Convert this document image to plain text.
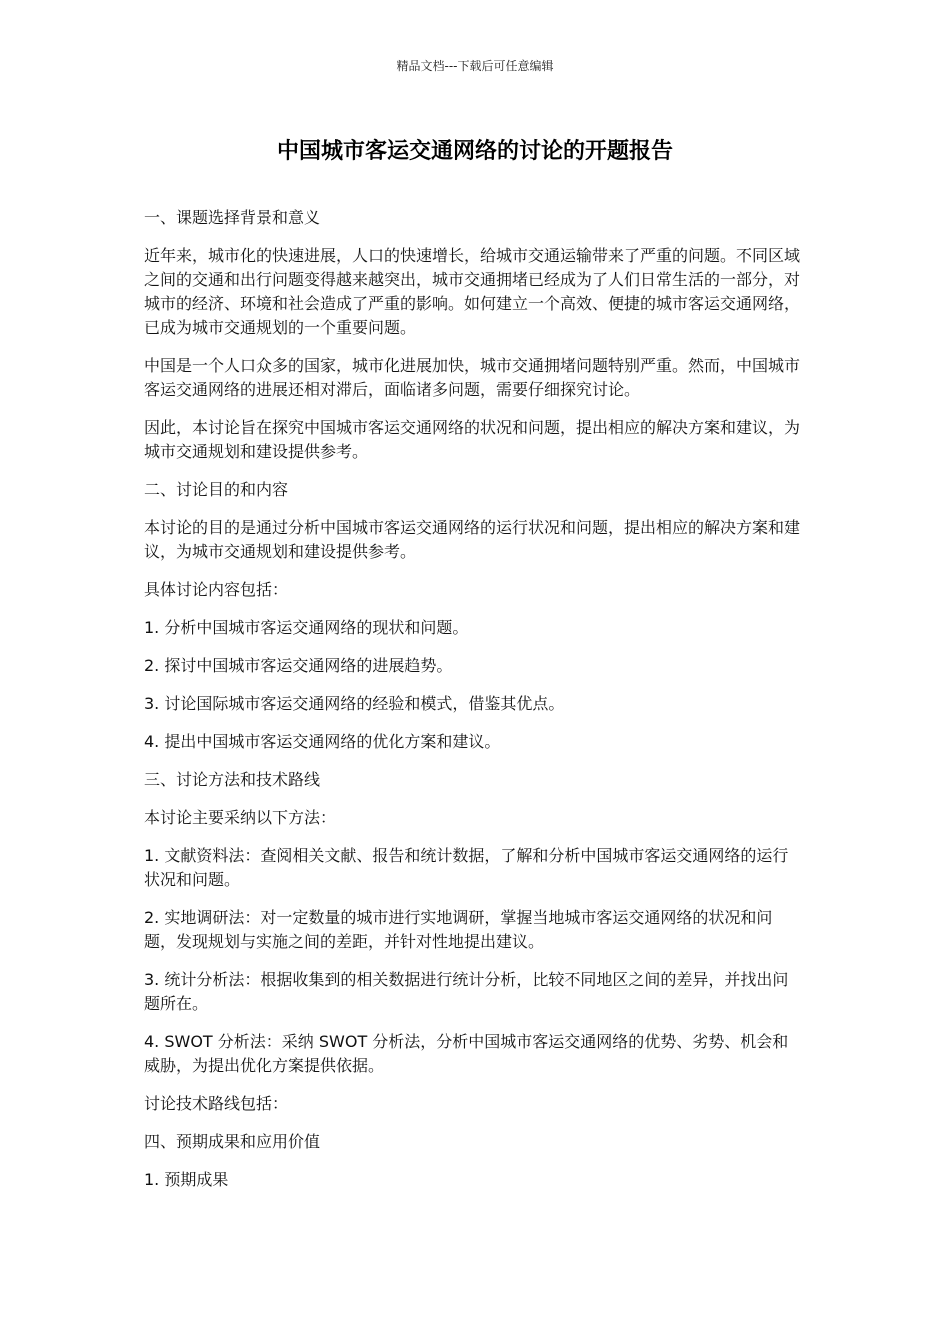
精品文档---下载后可任意编辑
中国城市客运交通网络的讨论的开题报告

一、课题选择背景和意义

近年来，城市化的快速进展，人口的快速增长，给城市交通运输带来了严重的问题。不同区域之间的交通和出行问题变得越来越突出，城市交通拥堵已经成为了人们日常生活的一部分，对城市的经济、环境和社会造成了严重的影响。如何建立一个高效、便捷的城市客运交通网络，已成为城市交通规划的一个重要问题。

中国是一个人口众多的国家，城市化进展加快，城市交通拥堵问题特别严重。然而，中国城市客运交通网络的进展还相对滞后，面临诸多问题，需要仔细探究讨论。

因此，本讨论旨在探究中国城市客运交通网络的状况和问题，提出相应的解决方案和建议，为城市交通规划和建设提供参考。

二、讨论目的和内容

本讨论的目的是通过分析中国城市客运交通网络的运行状况和问题，提出相应的解决方案和建议，为城市交通规划和建设提供参考。

具体讨论内容包括：

1. 分析中国城市客运交通网络的现状和问题。

2. 探讨中国城市客运交通网络的进展趋势。

3. 讨论国际城市客运交通网络的经验和模式，借鉴其优点。

4. 提出中国城市客运交通网络的优化方案和建议。

三、讨论方法和技术路线

本讨论主要采纳以下方法：

1. 文献资料法：查阅相关文献、报告和统计数据，了解和分析中国城市客运交通网络的运行状况和问题。

2. 实地调研法：对一定数量的城市进行实地调研，掌握当地城市客运交通网络的状况和问题，发现规划与实施之间的差距，并针对性地提出建议。

3. 统计分析法：根据收集到的相关数据进行统计分析，比较不同地区之间的差异，并找出问题所在。

4. SWOT 分析法：采纳 SWOT 分析法，分析中国城市客运交通网络的优势、劣势、机会和威胁，为提出优化方案提供依据。

讨论技术路线包括：

四、预期成果和应用价值

1. 预期成果
